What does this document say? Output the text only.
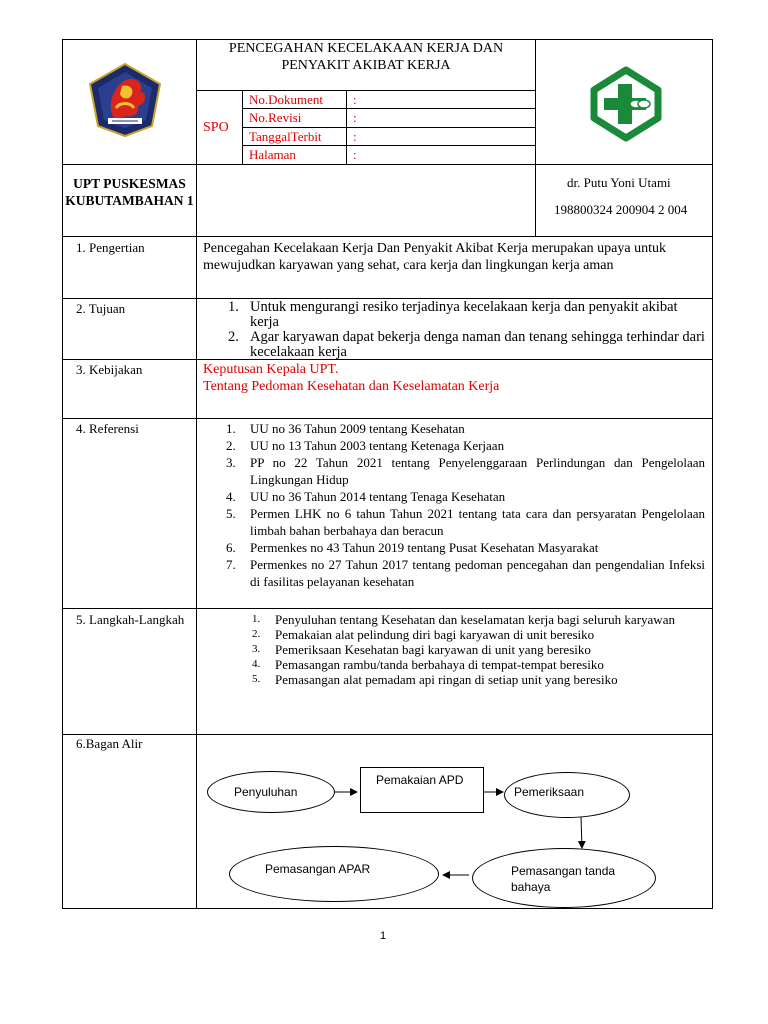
PENCEGAHAN KECELAKAAN KERJA DAN PENYAKIT AKIBAT KERJA
SPO
No.Dokument :
No.Revisi	:
TanggalTerbit :
Halaman	:
UPT PUSKESMAS KUBUTAMBAHAN 1
dr. Putu Yoni Utami
198800324 200904 2 004
1. Pengertian	Pencegahan Kecelakaan Kerja Dan Penyakit Akibat Kerja merupakan upaya untuk mewujudkan karyawan yang sehat, cara kerja dan lingkungan kerja aman
2. Tujuan	1. Untuk mengurangi resiko terjadinya kecelakaan kerja dan penyakit akibat kerja
2. Agar karyawan dapat bekerja denga naman dan tenang sehingga terhindar dari kecelakaan kerja
3. Kebijakan	Keputusan Kepala UPT.
Tentang Pedoman Kesehatan dan Keselamatan Kerja
4. Referensi	1. UU no 36 Tahun 2009 tentang Kesehatan
2. UU no 13 Tahun 2003 tentang Ketenaga Kerjaan
3. PP no 22 Tahun 2021 tentang Penyelenggaraan Perlindungan dan Pengelolaan Lingkungan Hidup
4. UU no 36 Tahun 2014 tentang Tenaga Kesehatan
5. Permen LHK no 6 tahun Tahun 2021 tentang tata cara dan persyaratan Pengelolaan limbah bahan berbahaya dan beracun
6. Permenkes no 43 Tahun 2019 tentang Pusat Kesehatan Masyarakat
7. Permenkes no 27 Tahun 2017 tentang pedoman pencegahan dan pengendalian Infeksi di fasilitas pelayanan kesehatan
5. Langkah-Langkah	1. Penyuluhan tentang Kesehatan dan keselamatan kerja bagi seluruh karyawan
2. Pemakaian alat pelindung diri bagi karyawan di unit beresiko
3. Pemeriksaan Kesehatan bagi karyawan di unit yang beresiko
4. Pemasangan rambu/tanda berbahaya di tempat-tempat beresiko
5. Pemasangan alat pemadam api ringan di setiap unit yang beresiko
6.Bagan Alir
Penyuluhan
Pemakaian APD
Pemeriksaan
Pemasangan tanda bahaya
Pemasangan APAR
1
